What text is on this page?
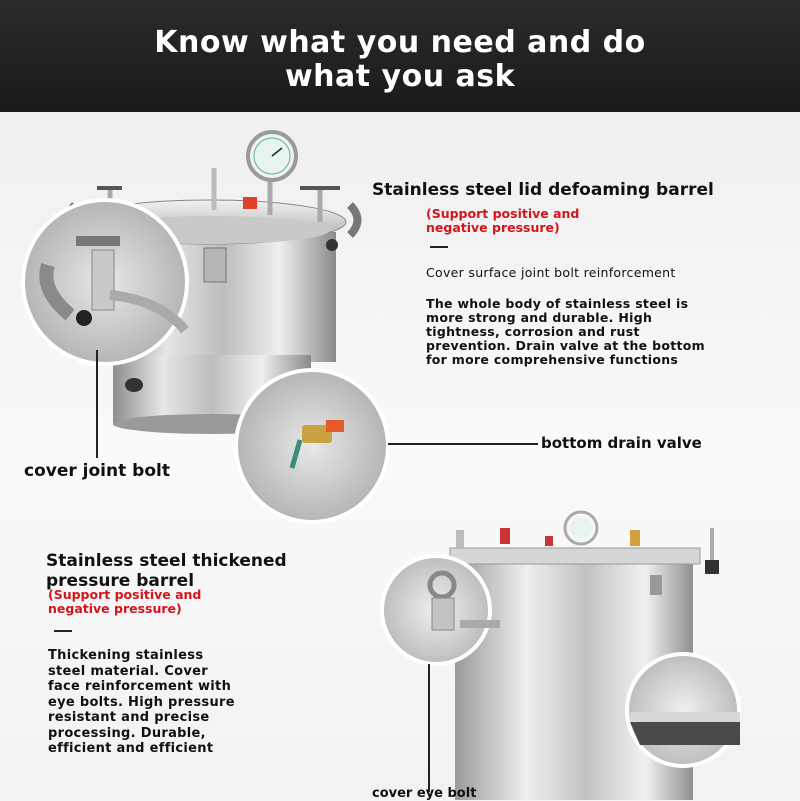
Know what you need and do
what you ask
Stainless steel lid defoaming barrel
(Support positive and
negative pressure)
Cover surface joint bolt reinforcement
The whole body of stainless steel is
more strong and durable. High
tightness, corrosion and rust
prevention. Drain valve at the bottom
for more comprehensive functions
bottom drain valve
cover joint bolt
Stainless steel thickened
pressure barrel
(Support positive and
negative pressure)
Thickening stainless
steel material. Cover
face reinforcement with
eye bolts. High pressure
resistant and precise
processing. Durable,
efficient and efficient
cover eye bolt
